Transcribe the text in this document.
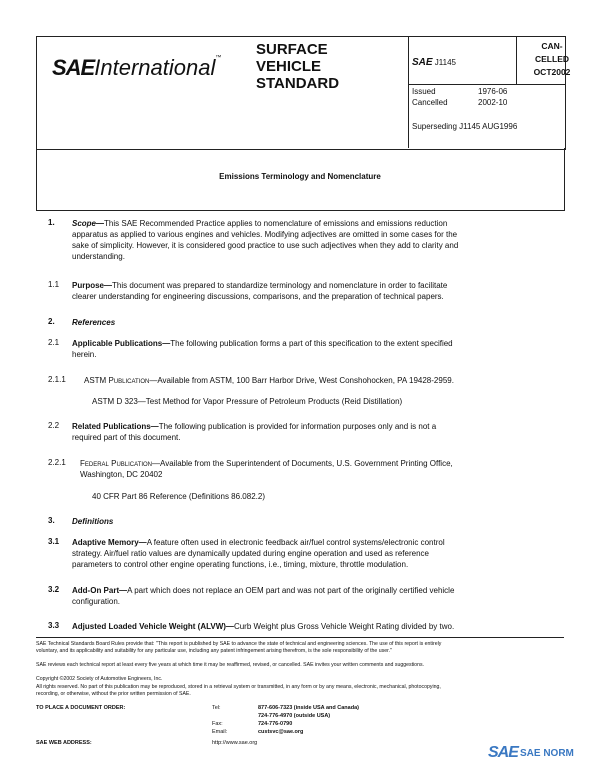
SAEInternational™ SURFACE
VEHICLE
STANDARD
SAE J1145
CAN-
CELLED
OCT2002
Issued	1976-06
Cancelled	2002-10
Superseding J1145 AUG1996
Emissions Terminology and Nomenclature
1. Scope—This SAE Recommended Practice applies to nomenclature of emissions and emissions reduction
apparatus as applied to various engines and vehicles. Modifying adjectives are omitted in some cases for the
sake of simplicity. However, it is considered good practice to use such adjectives when they add to clarity and
understanding.
1.1 Purpose—This document was prepared to standardize terminology and nomenclature in order to facilitate
clearer understanding for engineering discussions, comparisons, and the preparation of technical papers.
2. References
2.1 Applicable Publications—The following publication forms a part of this specification to the extent specified
herein.
2.1.1 ASTM Publication—Available from ASTM, 100 Barr Harbor Drive, West Conshohocken, PA 19428-2959.
ASTM D 323—Test Method for Vapor Pressure of Petroleum Products (Reid Distillation)
2.2 Related Publications—The following publication is provided for information purposes only and is not a
required part of this document.
2.2.1 Federal Publication—Available from the Superintendent of Documents, U.S. Government Printing Office,
Washington, DC 20402
40 CFR Part 86 Reference (Definitions 86.082.2)
3. Definitions
3.1 Adaptive Memory—A feature often used in electronic feedback air/fuel control systems/electronic control
strategy. Air/fuel ratio values are dynamically updated during engine operation and used as reference
parameters to control other engine operating functions, i.e., timing, mixture, throttle modulation.
3.2 Add-On Part—A part which does not replace an OEM part and was not part of the originally certified vehicle
configuration.
3.3 Adjusted Loaded Vehicle Weight (ALVW)—Curb Weight plus Gross Vehicle Weight Rating divided by two.
SAE Technical Standards Board Rules provide that: "This report is published by SAE to advance the state of technical and engineering sciences. The use of this report is entirely
voluntary, and its applicability and suitability for any particular use, including any patent infringement arising therefrom, is the sole responsibility of the user."
SAE reviews each technical report at least every five years at which time it may be reaffirmed, revised, or cancelled. SAE invites your written comments and suggestions.
Copyright ©2002 Society of Automotive Engineers, Inc.
All rights reserved. No part of this publication may be reproduced, stored in a retrieval system or transmitted, in any form or by any means, electronic, mechanical, photocopying,
recording, or otherwise, without the prior written permission of SAE.
TO PLACE A DOCUMENT ORDER:	Tel:	877-606-7323 (inside USA and Canada)
724-776-4970 (outside USA)
Fax:	724-776-0790
Email:	custsvc@sae.org
SAE WEB ADDRESS:	http://www.sae.org
SAE SAE NORM
